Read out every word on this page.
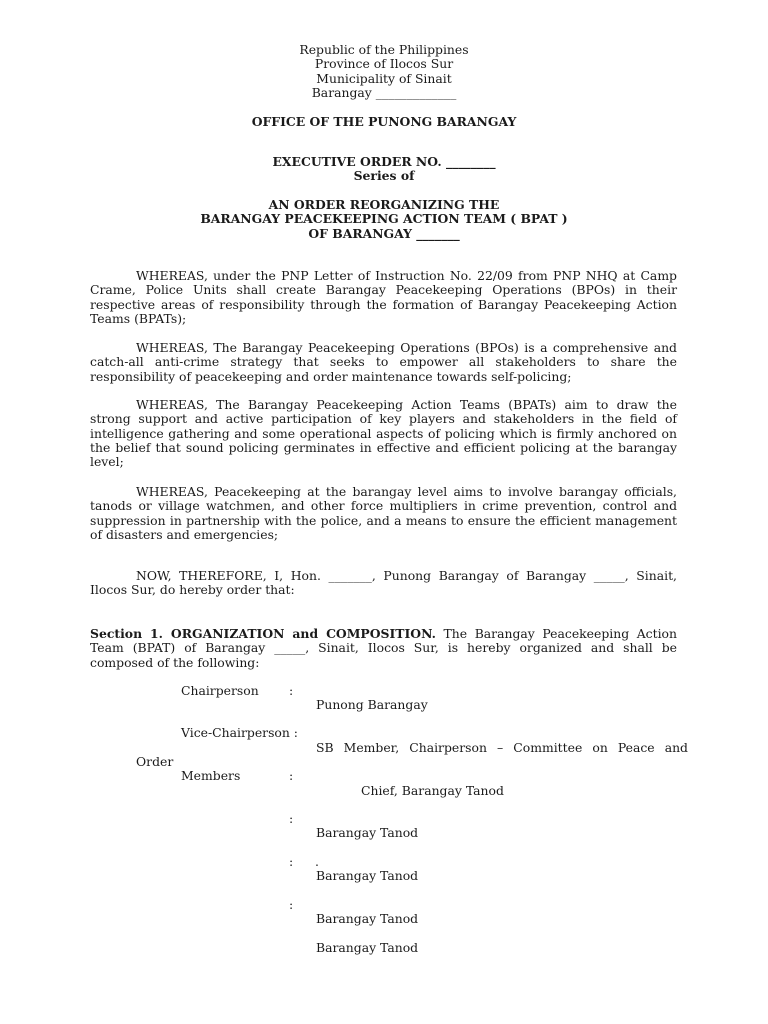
Republic of the Philippines
Province of Ilocos Sur
Municipality of Sinait
Barangay _____________
OFFICE OF THE PUNONG BARANGAY
EXECUTIVE ORDER NO. ________
Series of
AN ORDER REORGANIZING THE
BARANGAY PEACEKEEPING ACTION TEAM ( BPAT )
OF BARANGAY _______
WHEREAS, under the PNP Letter of Instruction No. 22/09 from PNP NHQ at Camp Crame, Police Units shall create Barangay Peacekeeping Operations (BPOs) in their respective areas of responsibility through the formation of Barangay Peacekeeping Action Teams (BPATs);
WHEREAS, The Barangay Peacekeeping Operations (BPOs) is a comprehensive and catch-all anti-crime strategy that seeks to empower all stakeholders to share the responsibility of peacekeeping and order maintenance towards self-policing;
WHEREAS, The Barangay Peacekeeping Action Teams (BPATs) aim to draw the strong support and active participation of key players and stakeholders in the field of intelligence gathering and some operational aspects of policing which is firmly anchored on the belief that sound policing germinates in effective and efficient policing at the barangay level;
WHEREAS, Peacekeeping at the barangay level aims to involve barangay officials, tanods or village watchmen, and other force multipliers in crime prevention, control and suppression in partnership with the police, and a means to ensure the efficient management of disasters and emergencies;
NOW, THEREFORE, I, Hon. _______, Punong Barangay of Barangay _____, Sinait, Ilocos Sur, do hereby order that:
Section 1. ORGANIZATION and COMPOSITION. The Barangay Peacekeeping Action Team (BPAT) of Barangay _____, Sinait, Ilocos Sur, is hereby organized and shall be composed of the following:
Chairperson :
Punong Barangay
Vice-Chairperson :
SB Member, Chairperson – Committee on Peace and
Order
Members	:
Chief, Barangay Tanod
:
Barangay Tanod
: .
Barangay Tanod
:
Barangay Tanod
Barangay Tanod
